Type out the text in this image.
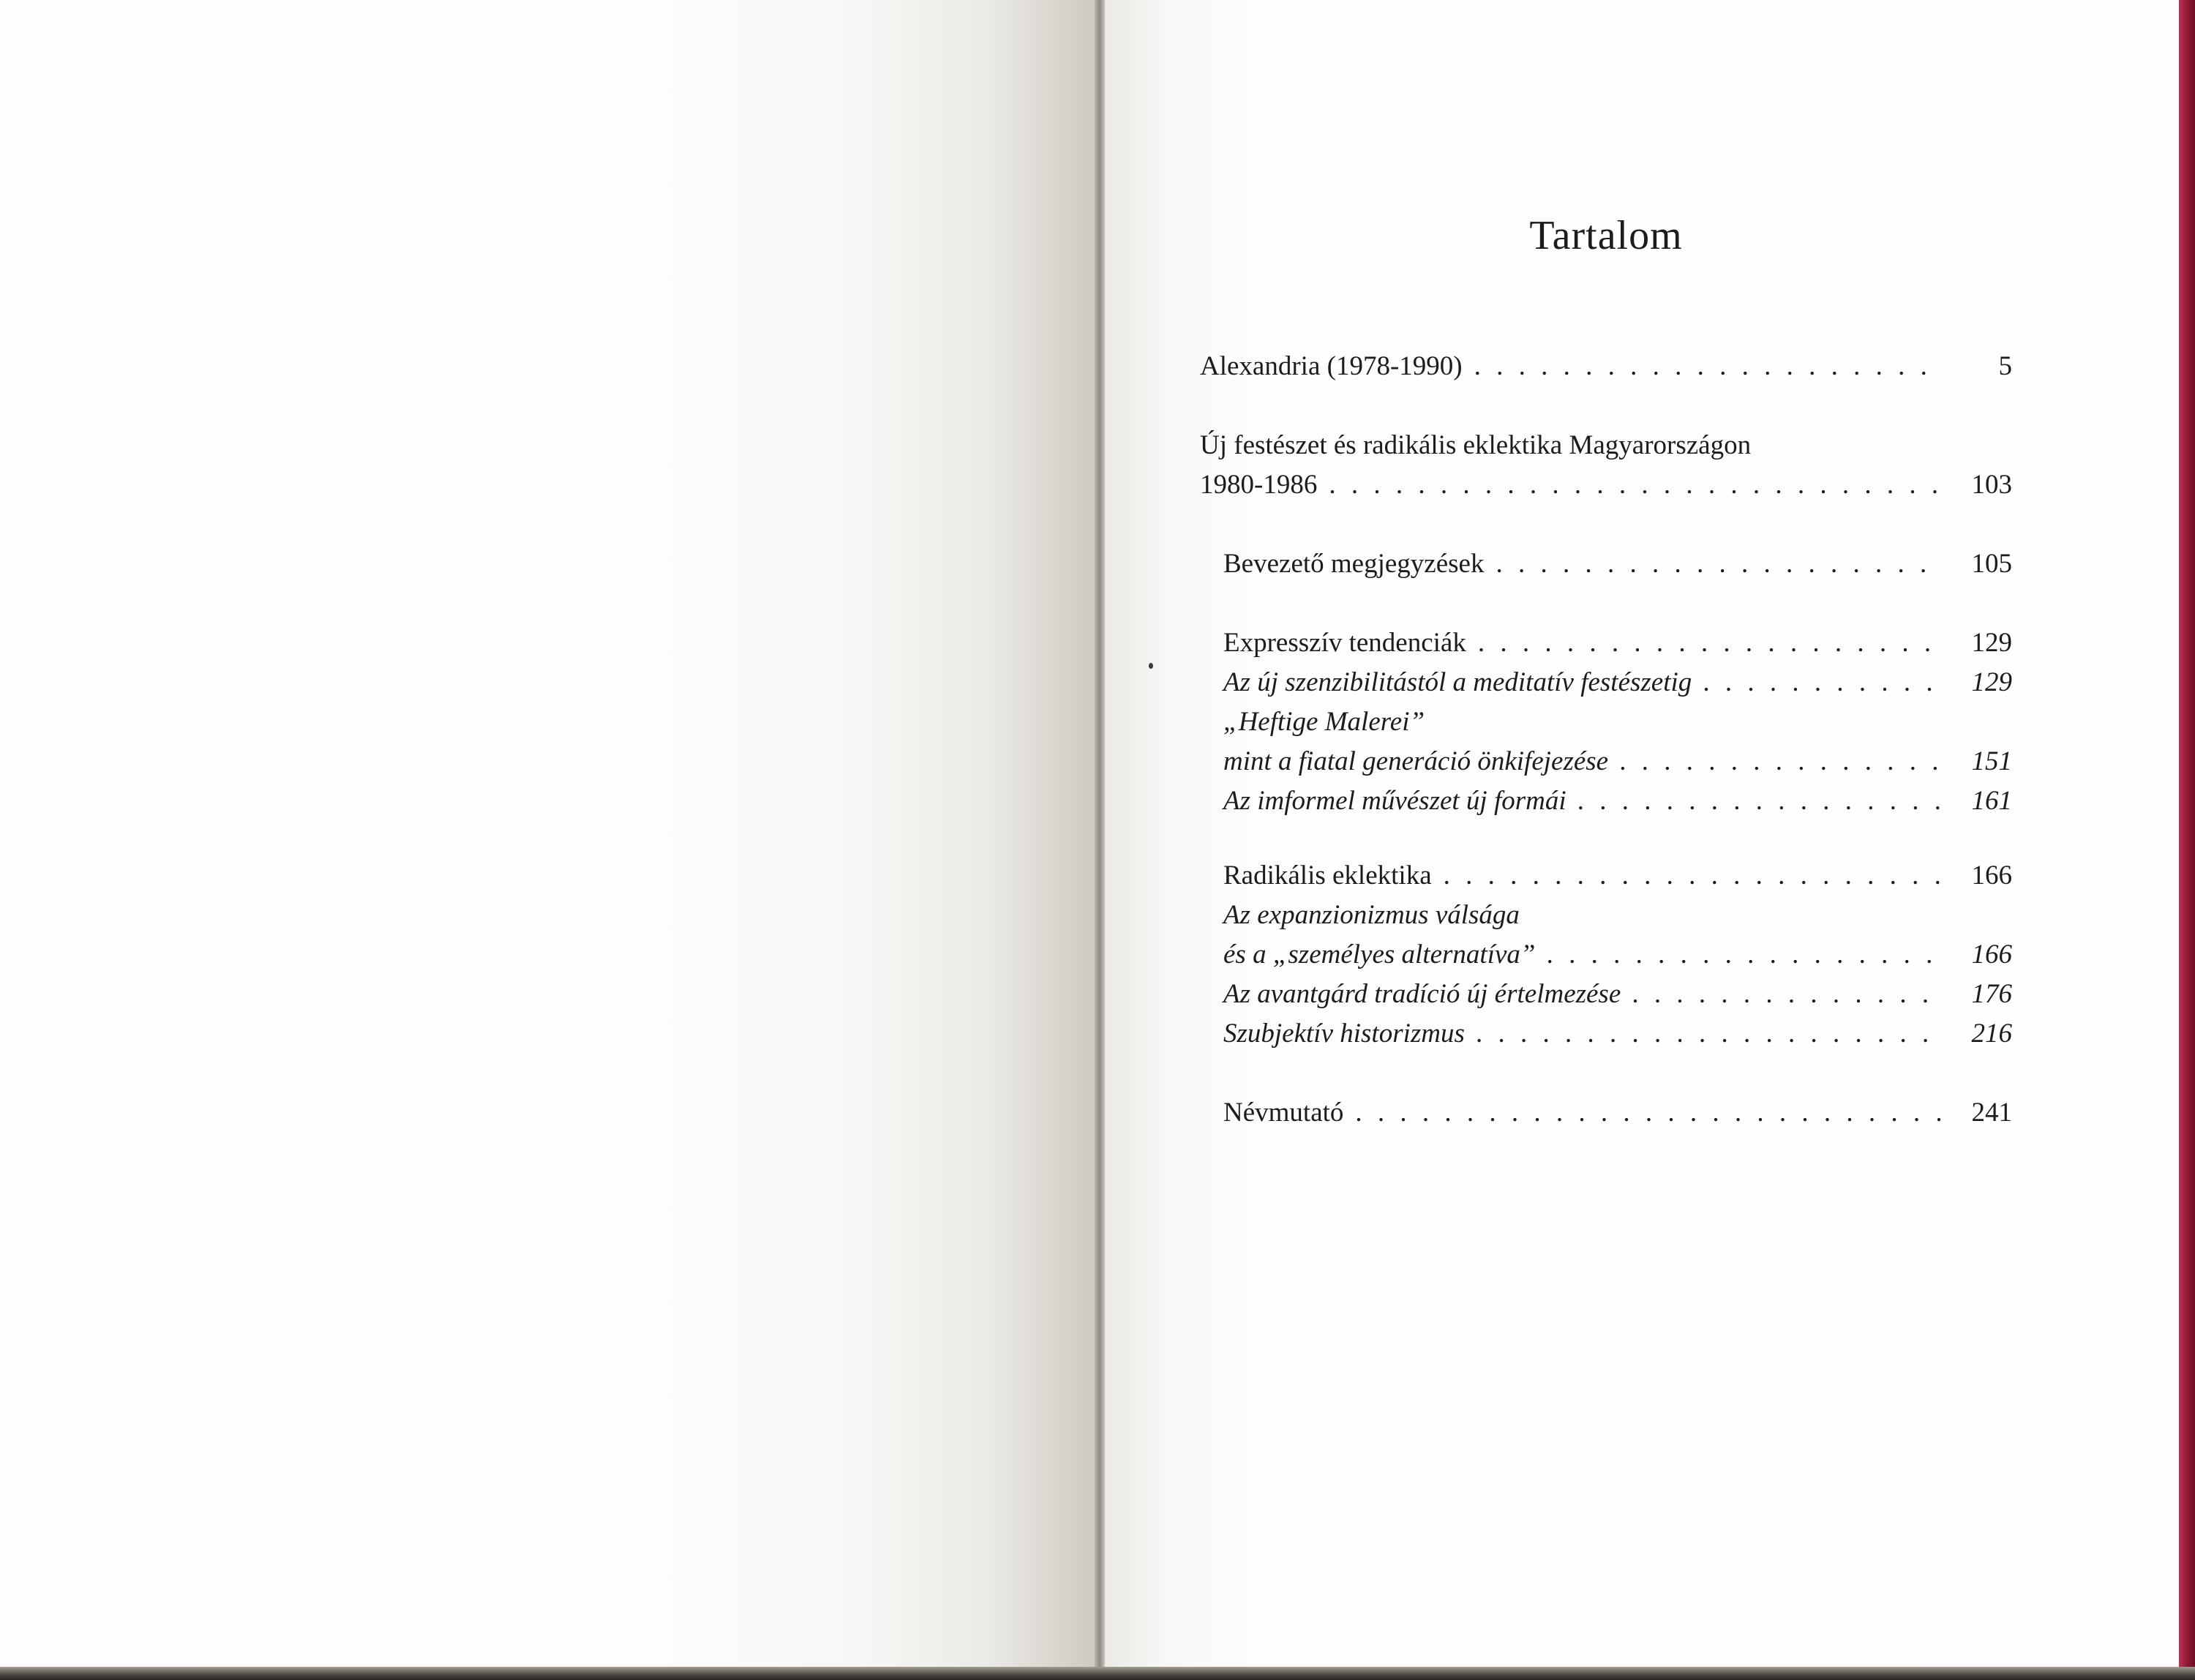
Tartalom
Alexandria (1978-1990) . . .	5
Új festészet és radikális eklektika Magyarországon
1980-1986 . . .	103
Bevezető megjegyzések . . .	105
Expresszív tendenciák . . .	129
Az új szenzibilitástól a meditatív festészetig . . .	129
„Heftige Malerei”
mint a fiatal generáció önkifejezése . . .	151
Az imformel művészet új formái . . .	161
Radikális eklektika . . .	166
Az expanzionizmus válsága
és a „személyes alternatíva” . . .	166
Az avantgárd tradíció új értelmezése . . .	176
Szubjektív historizmus . . .	216
Névmutató . . .	241
